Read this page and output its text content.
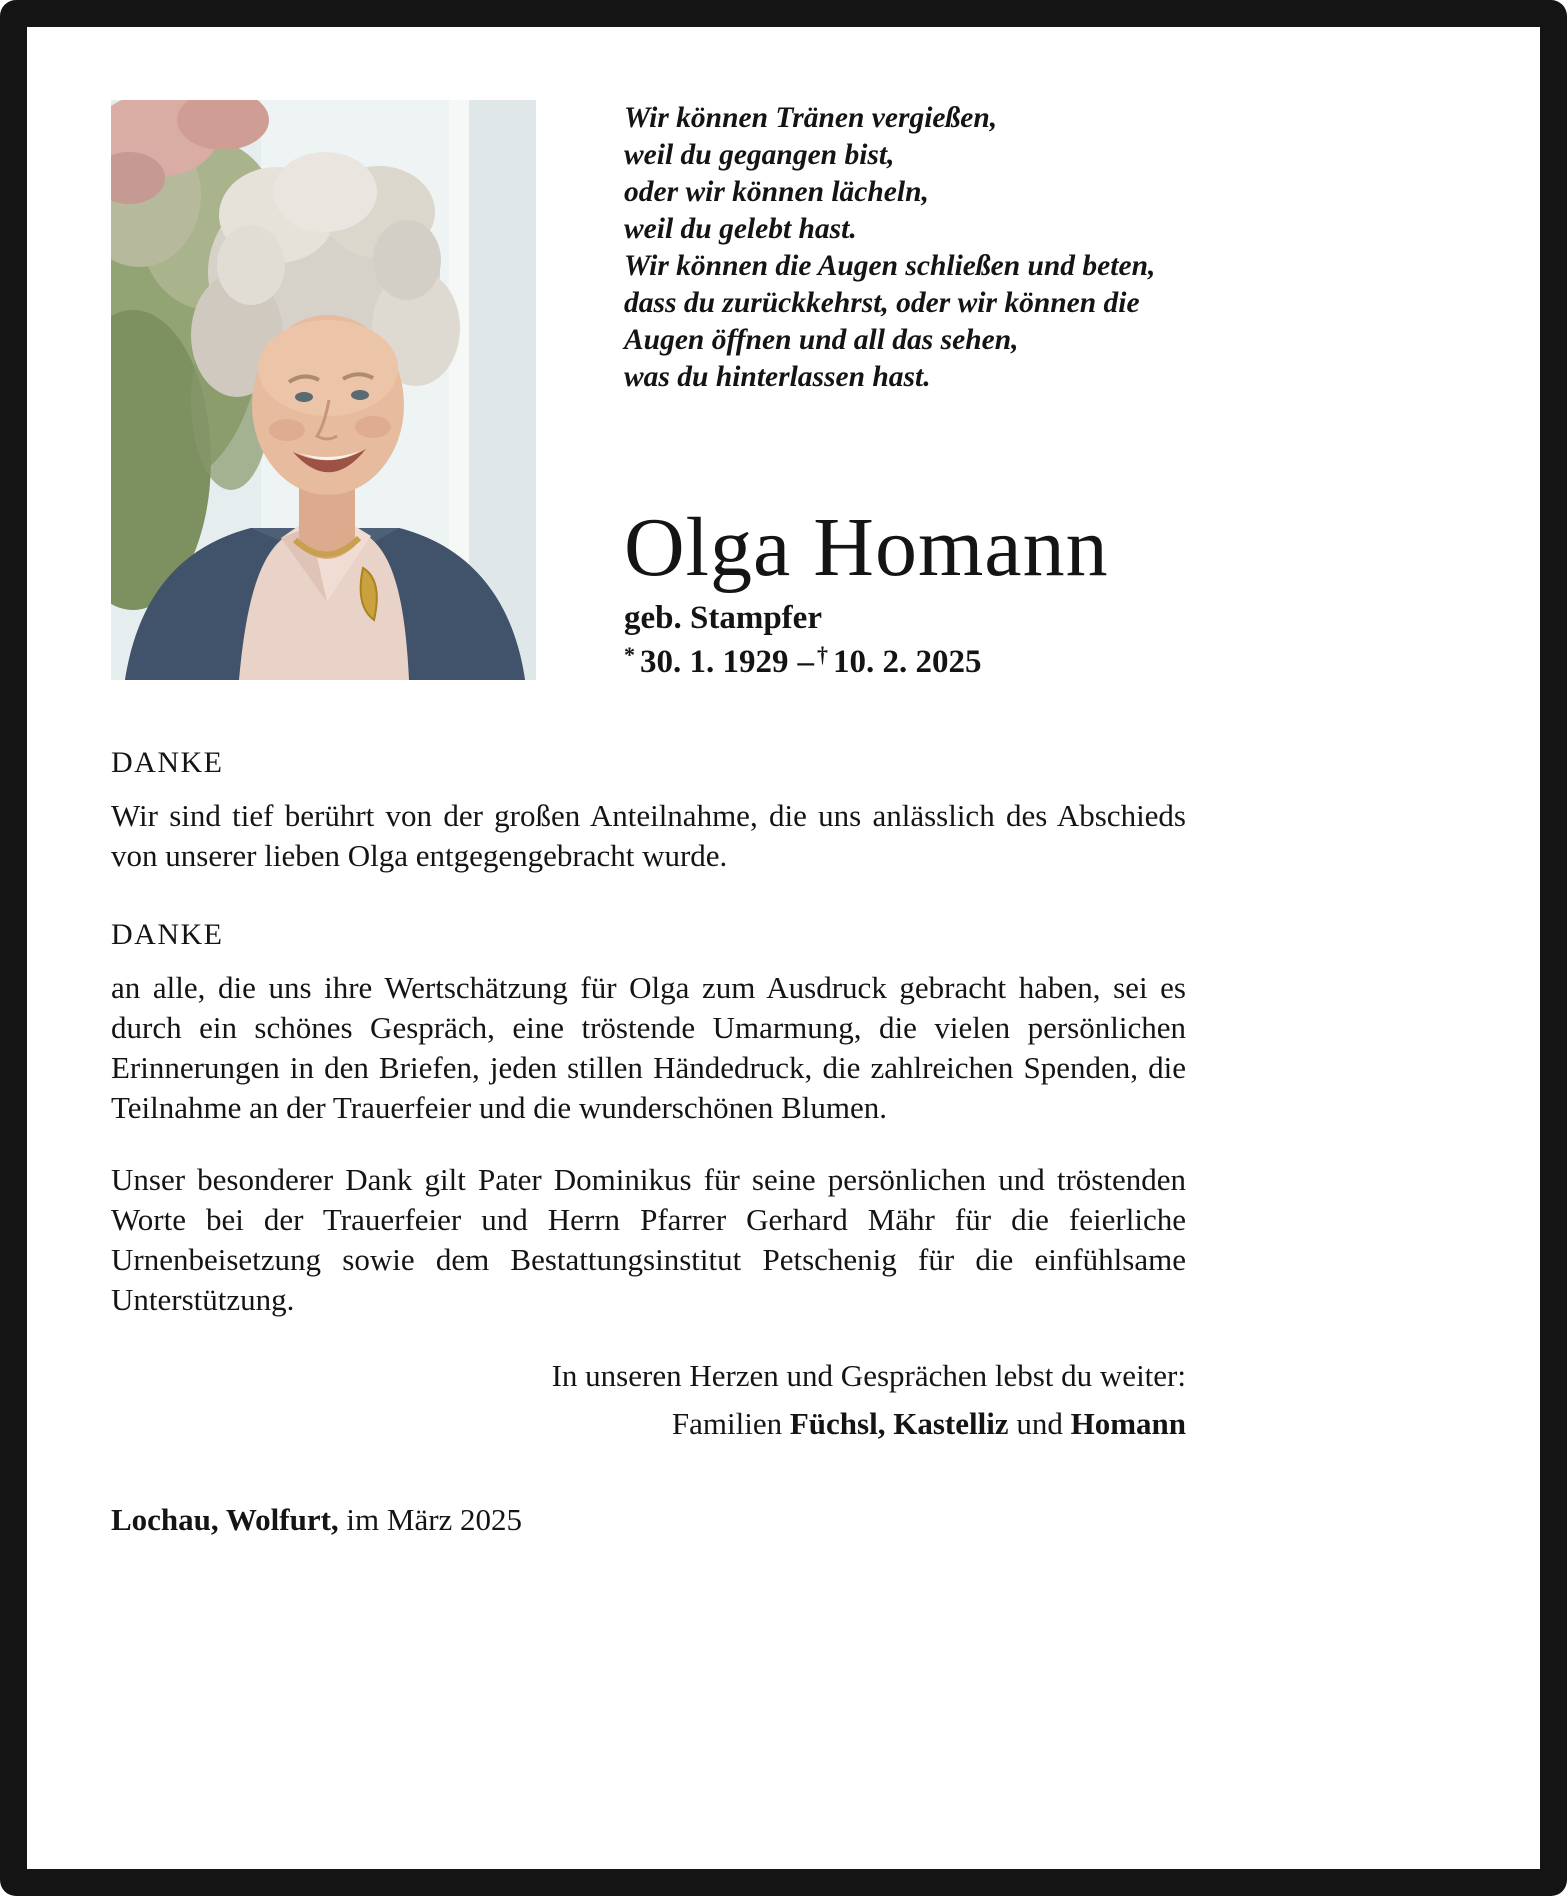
Wir können Tränen vergießen,
weil du gegangen bist,
oder wir können lächeln,
weil du gelebt hast.
Wir können die Augen schließen und beten,
dass du zurückkehrst, oder wir können die
Augen öffnen und all das sehen,
was du hinterlassen hast.
Olga Homann
geb. Stampfer
* 30. 1. 1929 – † 10. 2. 2025
DANKE

Wir sind tief berührt von der großen Anteilnahme, die uns anlässlich des Abschieds von unserer lieben Olga entgegengebracht wurde.

DANKE

an alle, die uns ihre Wertschätzung für Olga zum Ausdruck gebracht haben, sei es durch ein schönes Gespräch, eine tröstende Umarmung, die vielen persönlichen Erinnerungen in den Briefen, jeden stillen Händedruck, die zahlreichen Spenden, die Teilnahme an der Trauerfeier und die wunderschönen Blumen.

Unser besonderer Dank gilt Pater Dominikus für seine persönlichen und tröstenden Worte bei der Trauerfeier und Herrn Pfarrer Gerhard Mähr für die feierliche Urnenbeisetzung sowie dem Bestattungsinstitut Petschenig für die einfühlsame Unterstützung.

In unseren Herzen und Gesprächen lebst du weiter:
Familien Füchsl, Kastelliz und Homann
Lochau, Wolfurt, im März 2025
